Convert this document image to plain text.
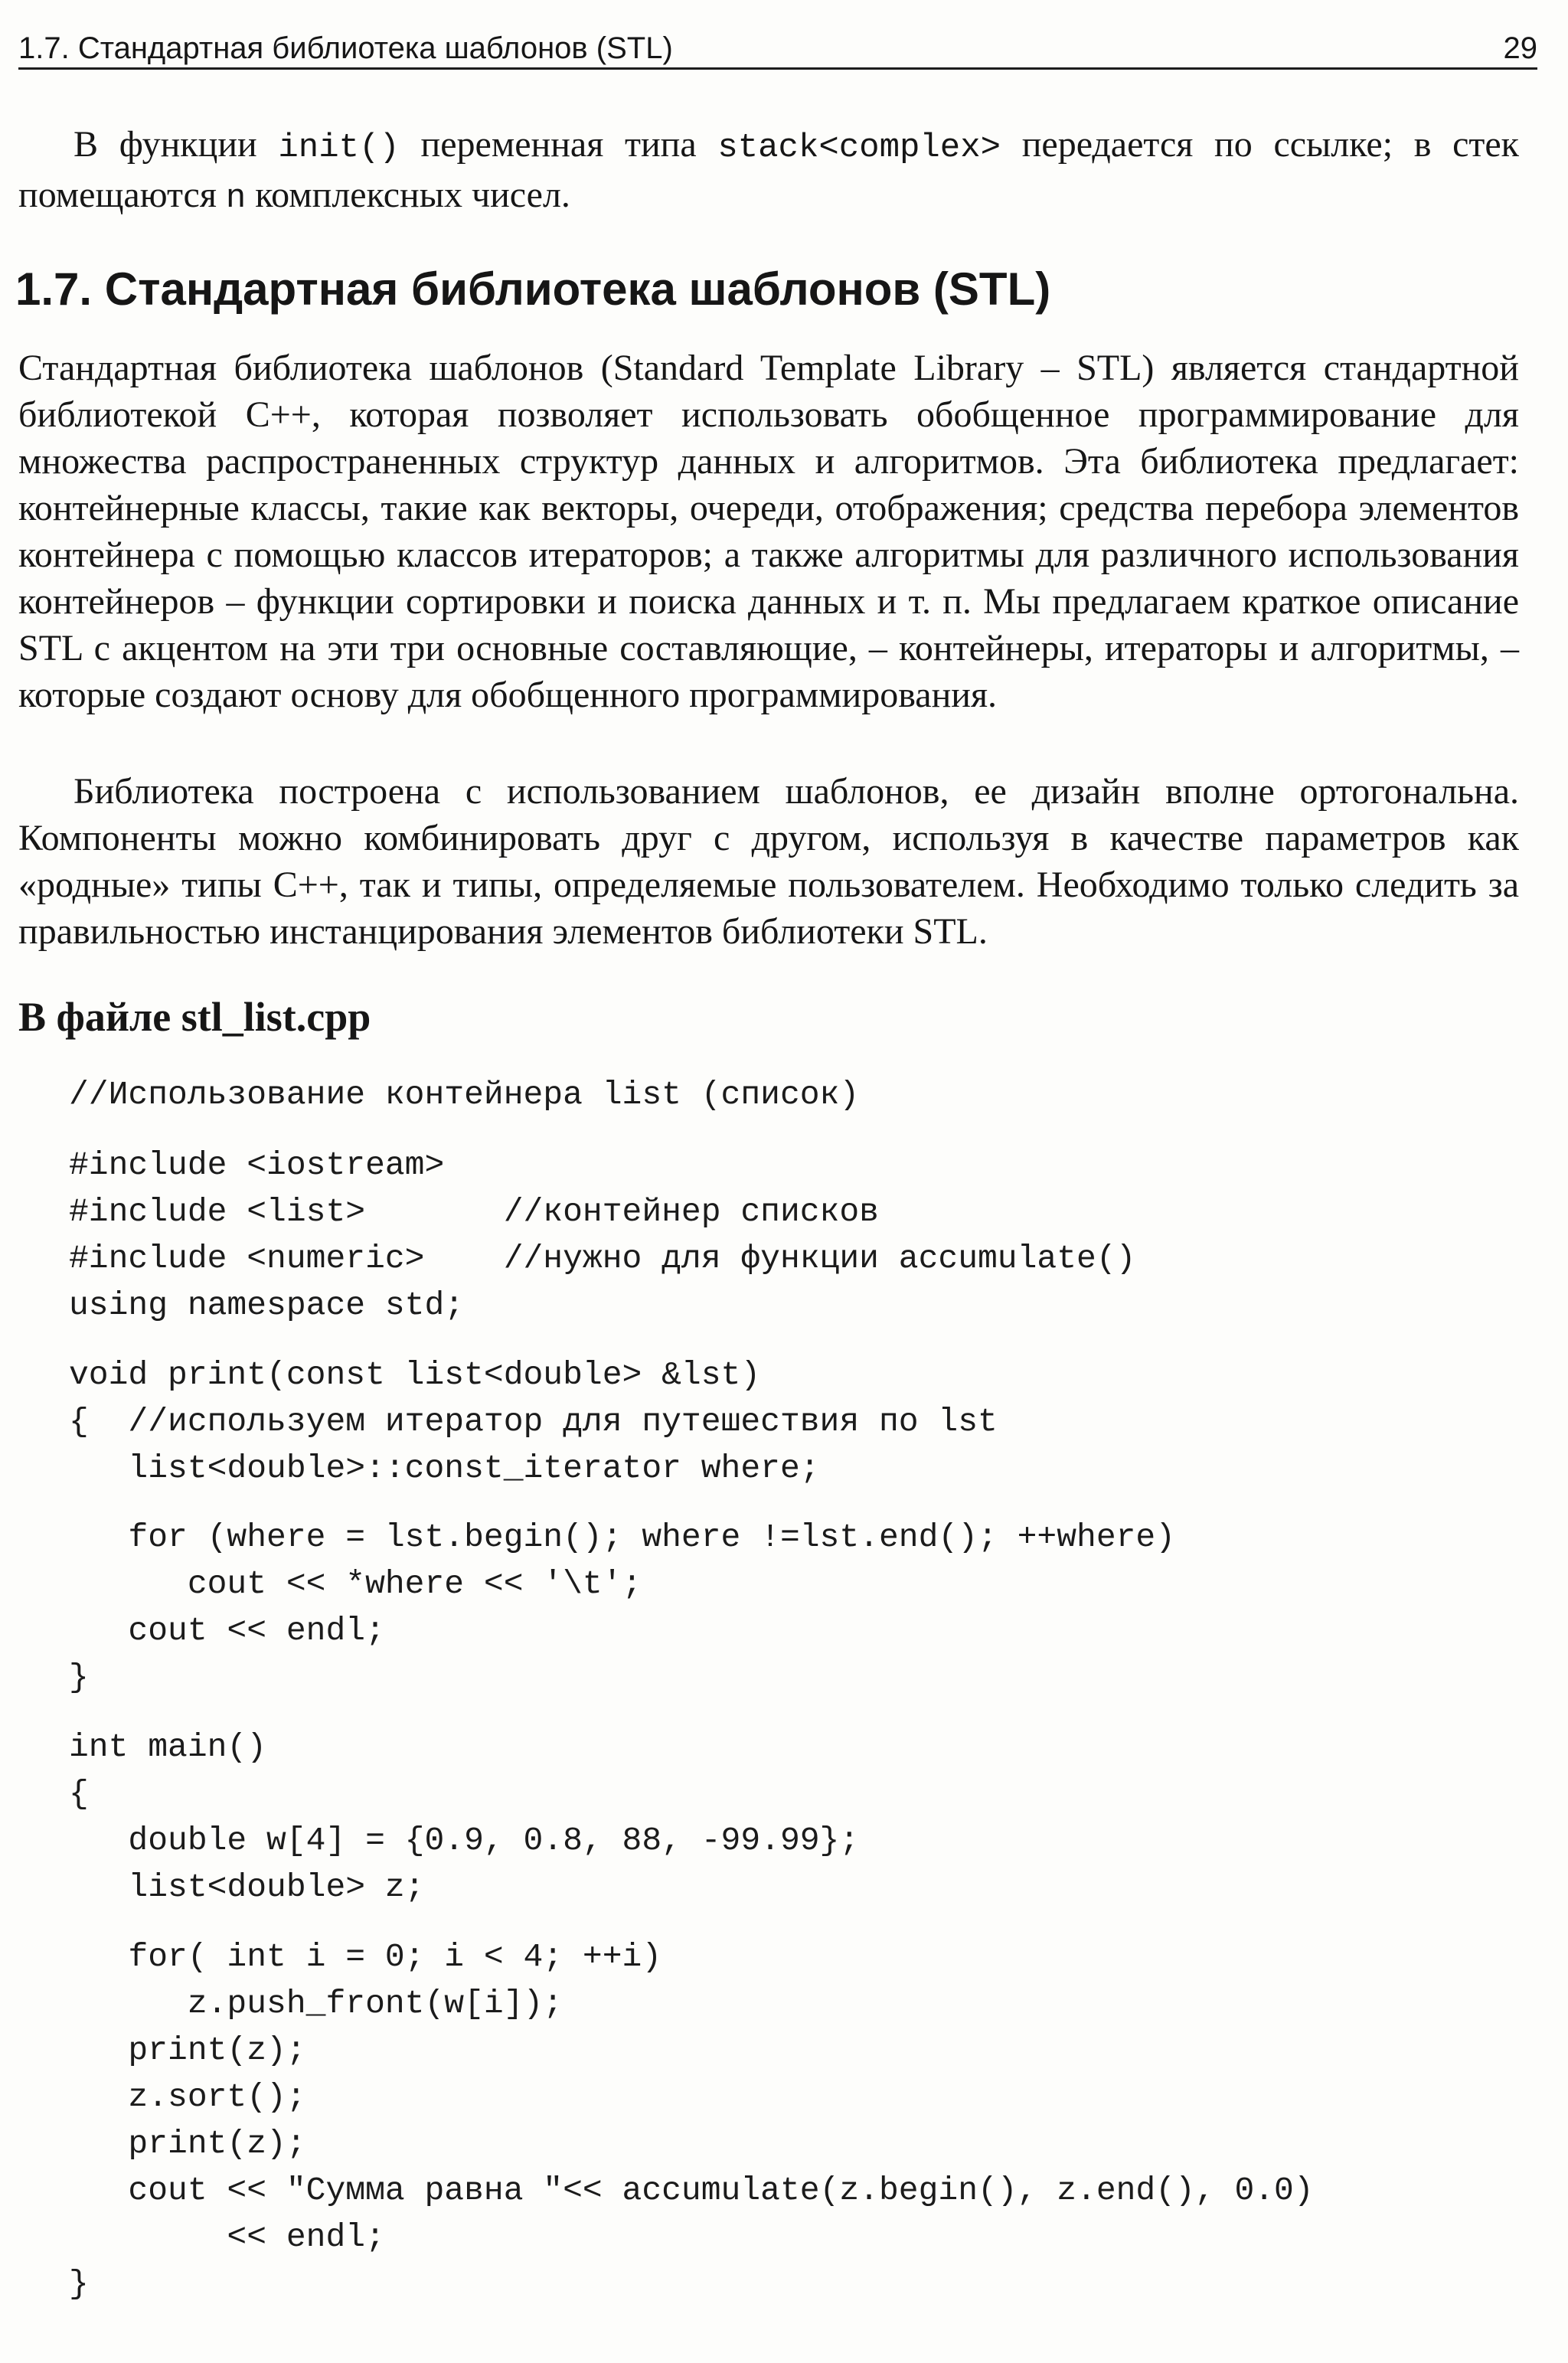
1.7. Стандартная библиотека шаблонов (STL)	29
В функции init() переменная типа stack<complex> передается по ссылке; в стек помещаются n комплексных чисел.
1.7. Стандартная библиотека шаблонов (STL)
Стандартная библиотека шаблонов (Standard Template Library – STL) является стандартной библиотекой C++, которая позволяет использовать обобщенное программирование для множества распространенных структур данных и алгоритмов. Эта библиотека предлагает: контейнерные классы, такие как векторы, очереди, отображения; средства перебора элементов контейнера с помощью классов итераторов; а также алгоритмы для различного использования контейнеров – функции сортировки и поиска данных и т. п. Мы предлагаем краткое описание STL с акцентом на эти три основные составляющие, – контейнеры, итераторы и алгоритмы, – которые создают основу для обобщенного программирования.
Библиотека построена с использованием шаблонов, ее дизайн вполне ортогональна. Компоненты можно комбинировать друг с другом, используя в качестве параметров как «родные» типы C++, так и типы, определяемые пользователем. Необходимо только следить за правильностью инстанцирования элементов библиотеки STL.
В файле stl_list.cpp
//Использование контейнера list (список)
#include <iostream>
#include <list>       //контейнер списков
#include <numeric>    //нужно для функции accumulate()
using namespace std;
void print(const list<double> &lst)
{  //используем итератор для путешествия по lst
list<double>::const_iterator where;
for (where = lst.begin(); where !=lst.end(); ++where)
cout << *where << '\t';
cout << endl;
}
int main()
{
double w[4] = {0.9, 0.8, 88, -99.99};
list<double> z;
for( int i = 0; i < 4; ++i)
z.push_front(w[i]);
print(z);
z.sort();
print(z);
cout << "Сумма равна "<< accumulate(z.begin(), z.end(), 0.0)
<< endl;
}
